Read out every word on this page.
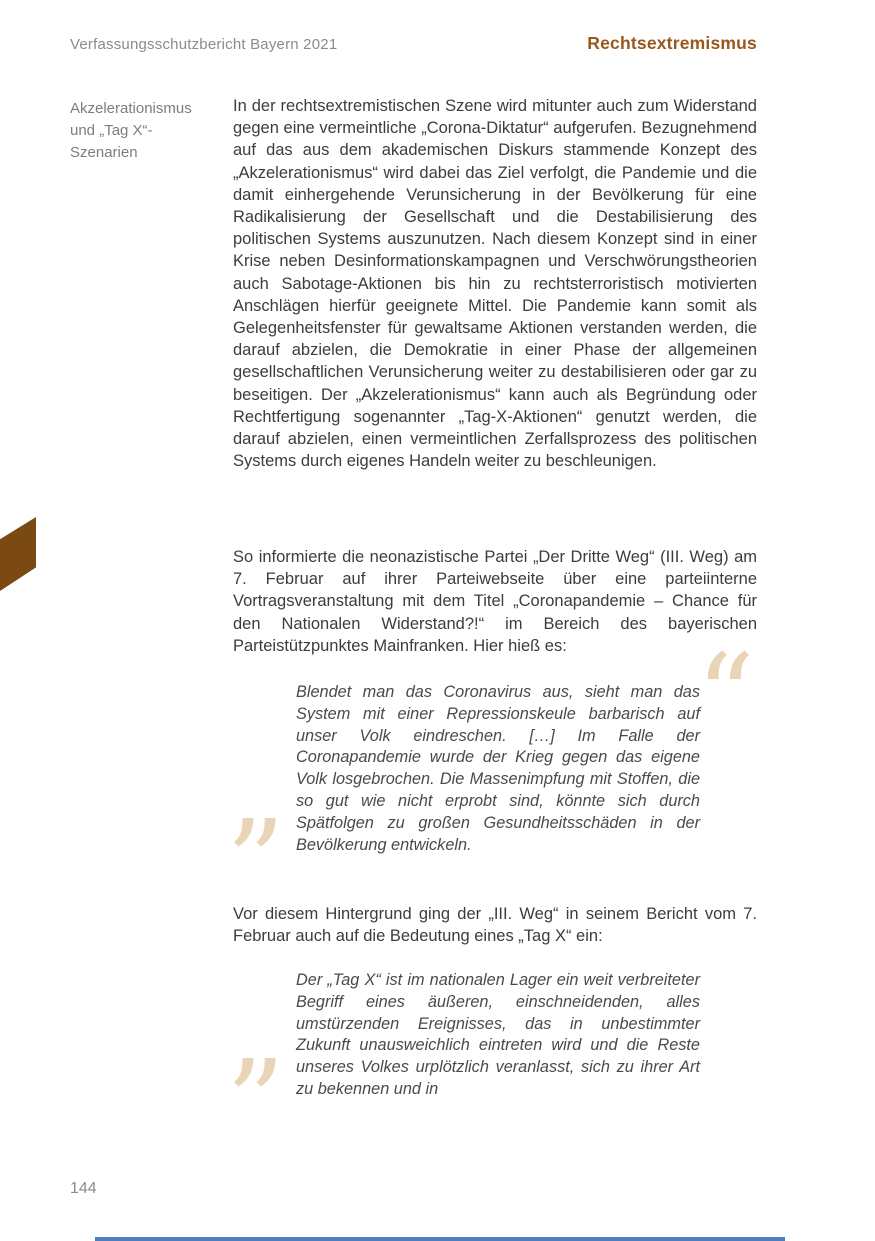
Verfassungsschutzbericht Bayern 2021	Rechtsextremismus
Akzelerationismus
und „Tag X“-
Szenarien

In der rechtsextremistischen Szene wird mitunter auch zum Widerstand gegen eine vermeintliche „Corona-Diktatur“ aufgerufen. Bezugnehmend auf das aus dem akademischen Diskurs stammende Konzept des „Akzelerationismus“ wird dabei das Ziel verfolgt, die Pandemie und die damit einhergehende Verunsicherung in der Bevölkerung für eine Radikalisierung der Gesellschaft und die Destabilisierung des politischen Systems auszunutzen. Nach diesem Konzept sind in einer Krise neben Desinformationskampagnen und Verschwörungstheorien auch Sabotage-Aktionen bis hin zu rechtsterroristisch motivierten Anschlägen hierfür geeignete Mittel. Die Pandemie kann somit als Gelegenheitsfenster für gewaltsame Aktionen verstanden werden, die darauf abzielen, die Demokratie in einer Phase der allgemeinen gesellschaftlichen Verunsicherung weiter zu destabilisieren oder gar zu beseitigen. Der „Akzelerationismus“ kann auch als Begründung oder Rechtfertigung sogenannter „Tag-X-Aktionen“ genutzt werden, die darauf abzielen, einen vermeintlichen Zerfallsprozess des politischen Systems durch eigenes Handeln weiter zu beschleunigen.

So informierte die neonazistische Partei „Der Dritte Weg“ (III. Weg) am 7. Februar auf ihrer Parteiwebseite über eine parteiinterne Vortragsveranstaltung mit dem Titel „Coronapandemie – Chance für den Nationalen Widerstand?!“ im Bereich des bayerischen Parteistützpunktes Mainfranken. Hier hieß es:

Blendet man das Coronavirus aus, sieht man das System mit einer Repressionskeule barbarisch auf unser Volk eindreschen. […] Im Falle der Coronapandemie wurde der Krieg gegen das eigene Volk losgebrochen. Die Massenimpfung mit Stoffen, die so gut wie nicht erprobt sind, könnte sich durch Spätfolgen zu großen Gesundheitsschäden in der Bevölkerung entwickeln.

Vor diesem Hintergrund ging der „III. Weg“ in seinem Bericht vom 7. Februar auch auf die Bedeutung eines „Tag X“ ein:

Der „Tag X“ ist im nationalen Lager ein weit verbreiteter Begriff eines äußeren, einschneidenden, alles umstürzenden Ereignisses, das in unbestimmter Zukunft unausweichlich eintreten wird und die Reste unseres Volkes urplötzlich veranlasst, sich zu ihrer Art zu bekennen und in

“
”
”
144
